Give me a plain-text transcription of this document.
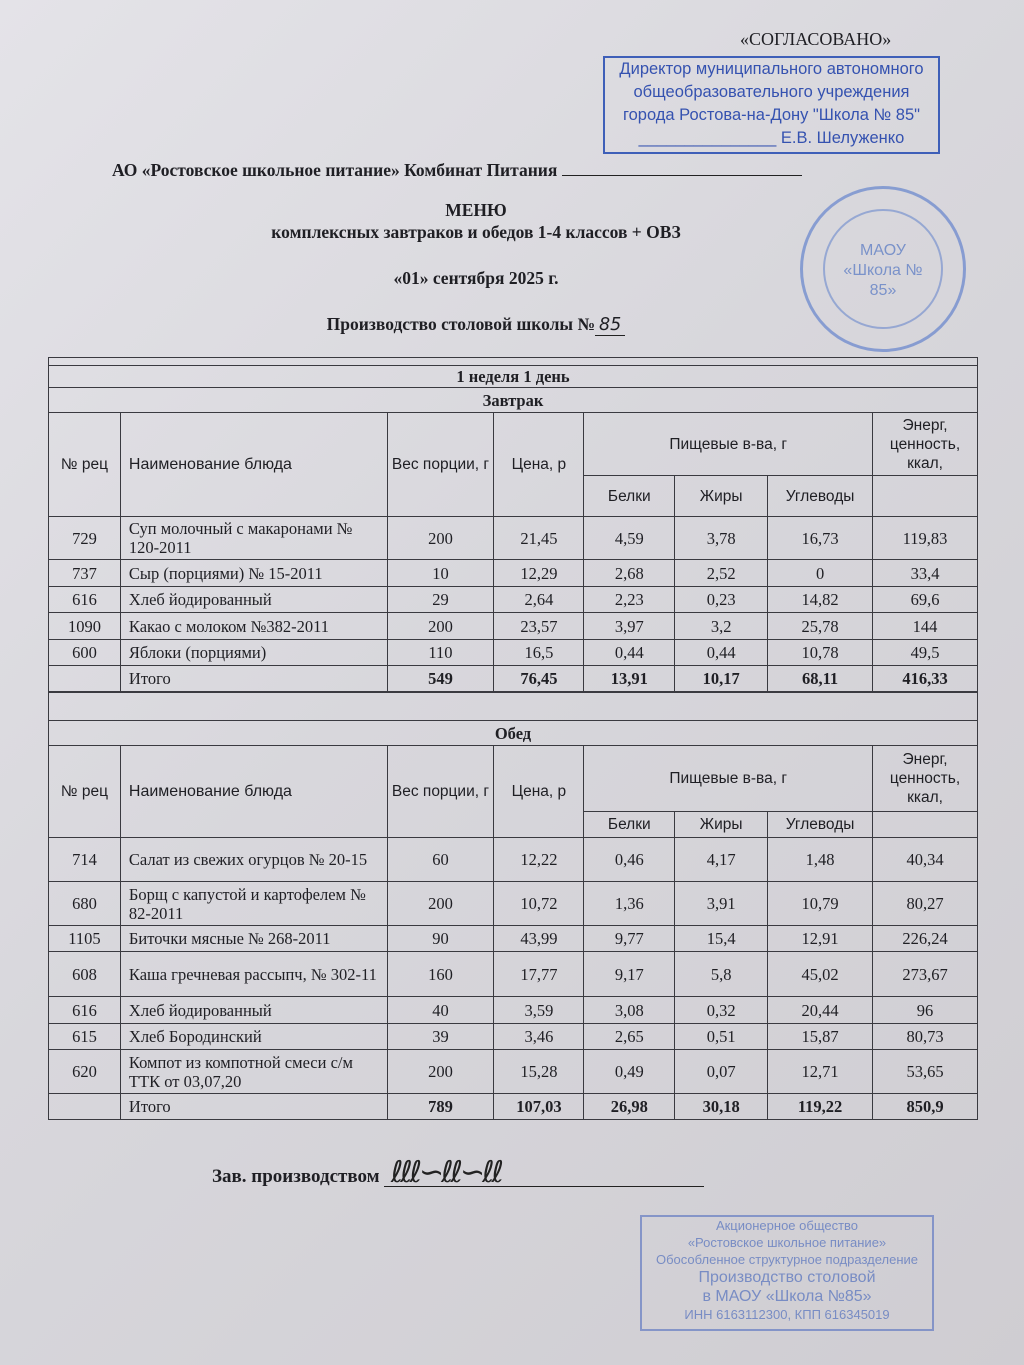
«СОГЛАСОВАНО»
Директор муниципального автономного
общеобразовательного учреждения
города Ростова-на-Дону "Школа № 85"
_______________ Е.В. Шелуженко
МАОУ «Школа № 85»
АО «Ростовское школьное питание» Комбинат Питания
МЕНЮ
комплексных завтраков и обедов 1-4 классов + ОВЗ
«01» сентября 2025 г.
Производство столовой школы № 85

1 неделя 1 день							
Завтрак							
№ рец	Наименование блюда	Вес порции, г	Цена, р	Пищевые в-ва, г			Энерг, ценность, ккал,
				Белки	Жиры	Углеводы	
729	Суп молочный с макаронами № 120-2011	200	21,45	4,59	3,78	16,73	119,83
737	Сыр (порциями) № 15-2011	10	12,29	2,68	2,52	0	33,4
616	Хлеб йодированный	29	2,64	2,23	0,23	14,82	69,6
1090	Какао с молоком №382-2011	200	23,57	3,97	3,2	25,78	144
600	Яблоки (порциями)	110	16,5	0,44	0,44	10,78	49,5
	Итого	549	76,45	13,91	10,17	68,11	416,33

Обед							
№ рец	Наименование блюда	Вес порции, г	Цена, р	Пищевые в-ва, г			Энерг, ценность, ккал,
				Белки	Жиры	Углеводы	
714	Салат из свежих огурцов № 20-15	60	12,22	0,46	4,17	1,48	40,34
680	Борщ с капустой и картофелем № 82-2011	200	10,72	1,36	3,91	10,79	80,27
1105	Биточки мясные № 268-2011	90	43,99	9,77	15,4	12,91	226,24
608	Каша гречневая рассыпч, № 302-11	160	17,77	9,17	5,8	45,02	273,67
616	Хлеб йодированный	40	3,59	3,08	0,32	20,44	96
615	Хлеб Бородинский	39	3,46	2,65	0,51	15,87	80,73
620	Компот из компотной смеси с/м ТТК от 03,07,20	200	15,28	0,49	0,07	12,71	53,65
	Итого	789	107,03	26,98	30,18	119,22	850,9
Зав. производством  ℓℓℓ∽ℓℓ∽ℓℓ
Акционерное общество
«Ростовское школьное питание»
Обособленное структурное подразделение
Производство столовой
в МАОУ «Школа №85»
ИНН 6163112300, КПП 616345019
